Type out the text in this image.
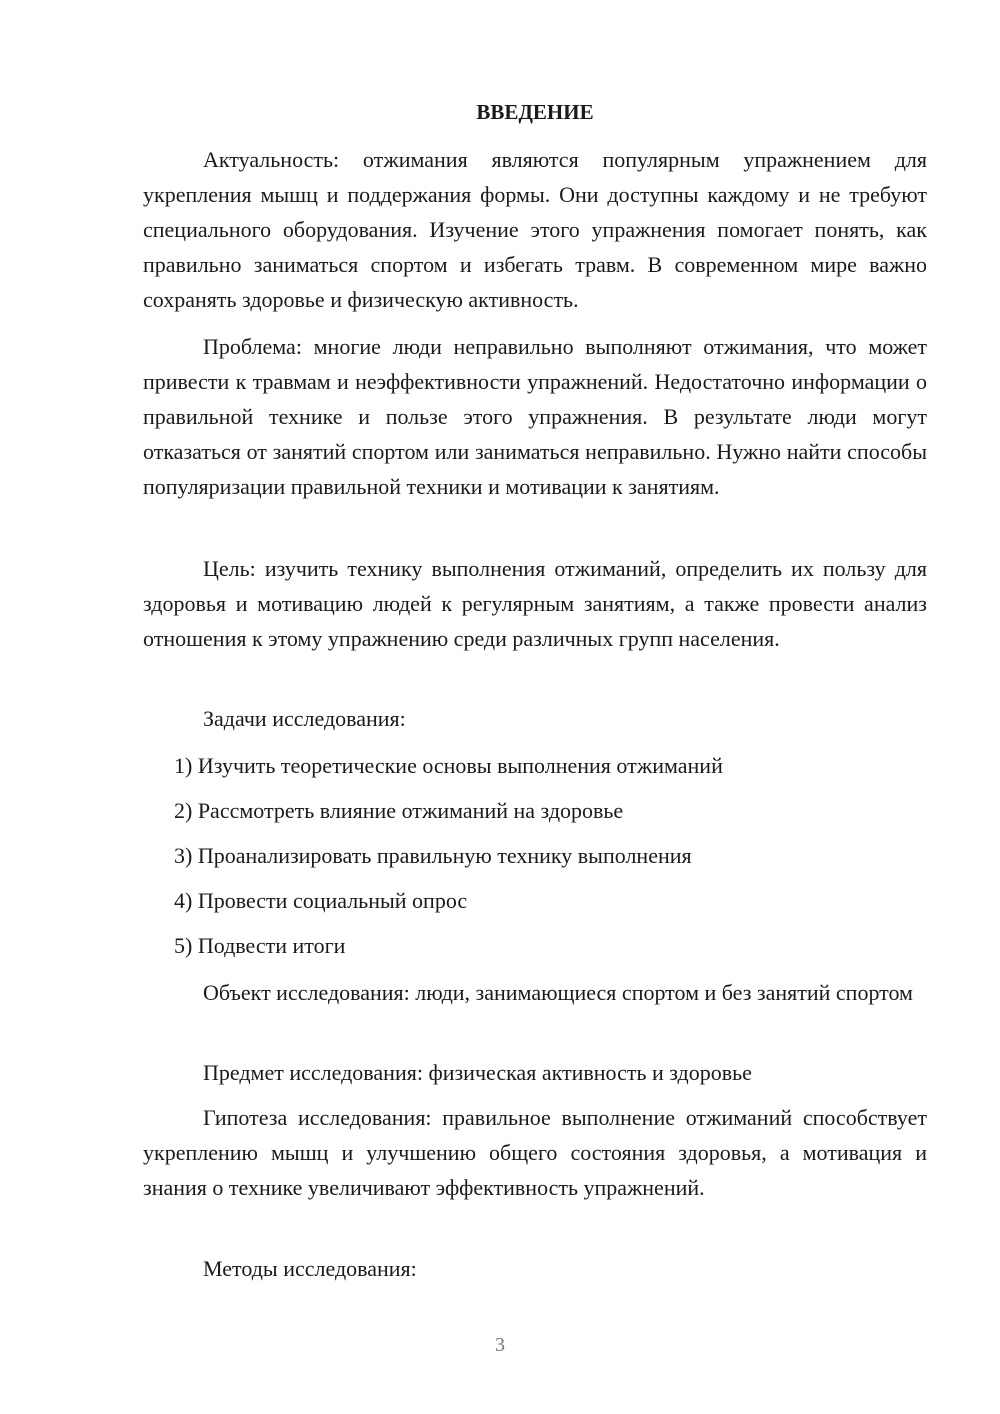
ВВЕДЕНИЕ

Актуальность: отжимания являются популярным упражнением для укрепления мышц и поддержания формы. Они доступны каждому и не требуют специального оборудования. Изучение этого упражнения помогает понять, как правильно заниматься спортом и избегать травм. В современном мире важно сохранять здоровье и физическую активность.

Проблема: многие люди неправильно выполняют отжимания, что может привести к травмам и неэффективности упражнений. Недостаточно информации о правильной технике и пользе этого упражнения. В результате люди могут отказаться от занятий спортом или заниматься неправильно. Нужно найти способы популяризации правильной техники и мотивации к занятиям.

Цель: изучить технику выполнения отжиманий, определить их пользу для здоровья и мотивацию людей к регулярным занятиям, а также провести анализ отношения к этому упражнению среди различных групп населения.

Задачи исследования:

1) Изучить теоретические основы выполнения отжиманий

2) Рассмотреть влияние отжиманий на здоровье

3) Проанализировать правильную технику выполнения

4) Провести социальный опрос

5) Подвести итоги

Объект исследования: люди, занимающиеся спортом и без занятий спортом

Предмет исследования: физическая активность и здоровье

Гипотеза исследования: правильное выполнение отжиманий способствует укреплению мышц и улучшению общего состояния здоровья, а мотивация и знания о технике увеличивают эффективность упражнений.

Методы исследования:

3
